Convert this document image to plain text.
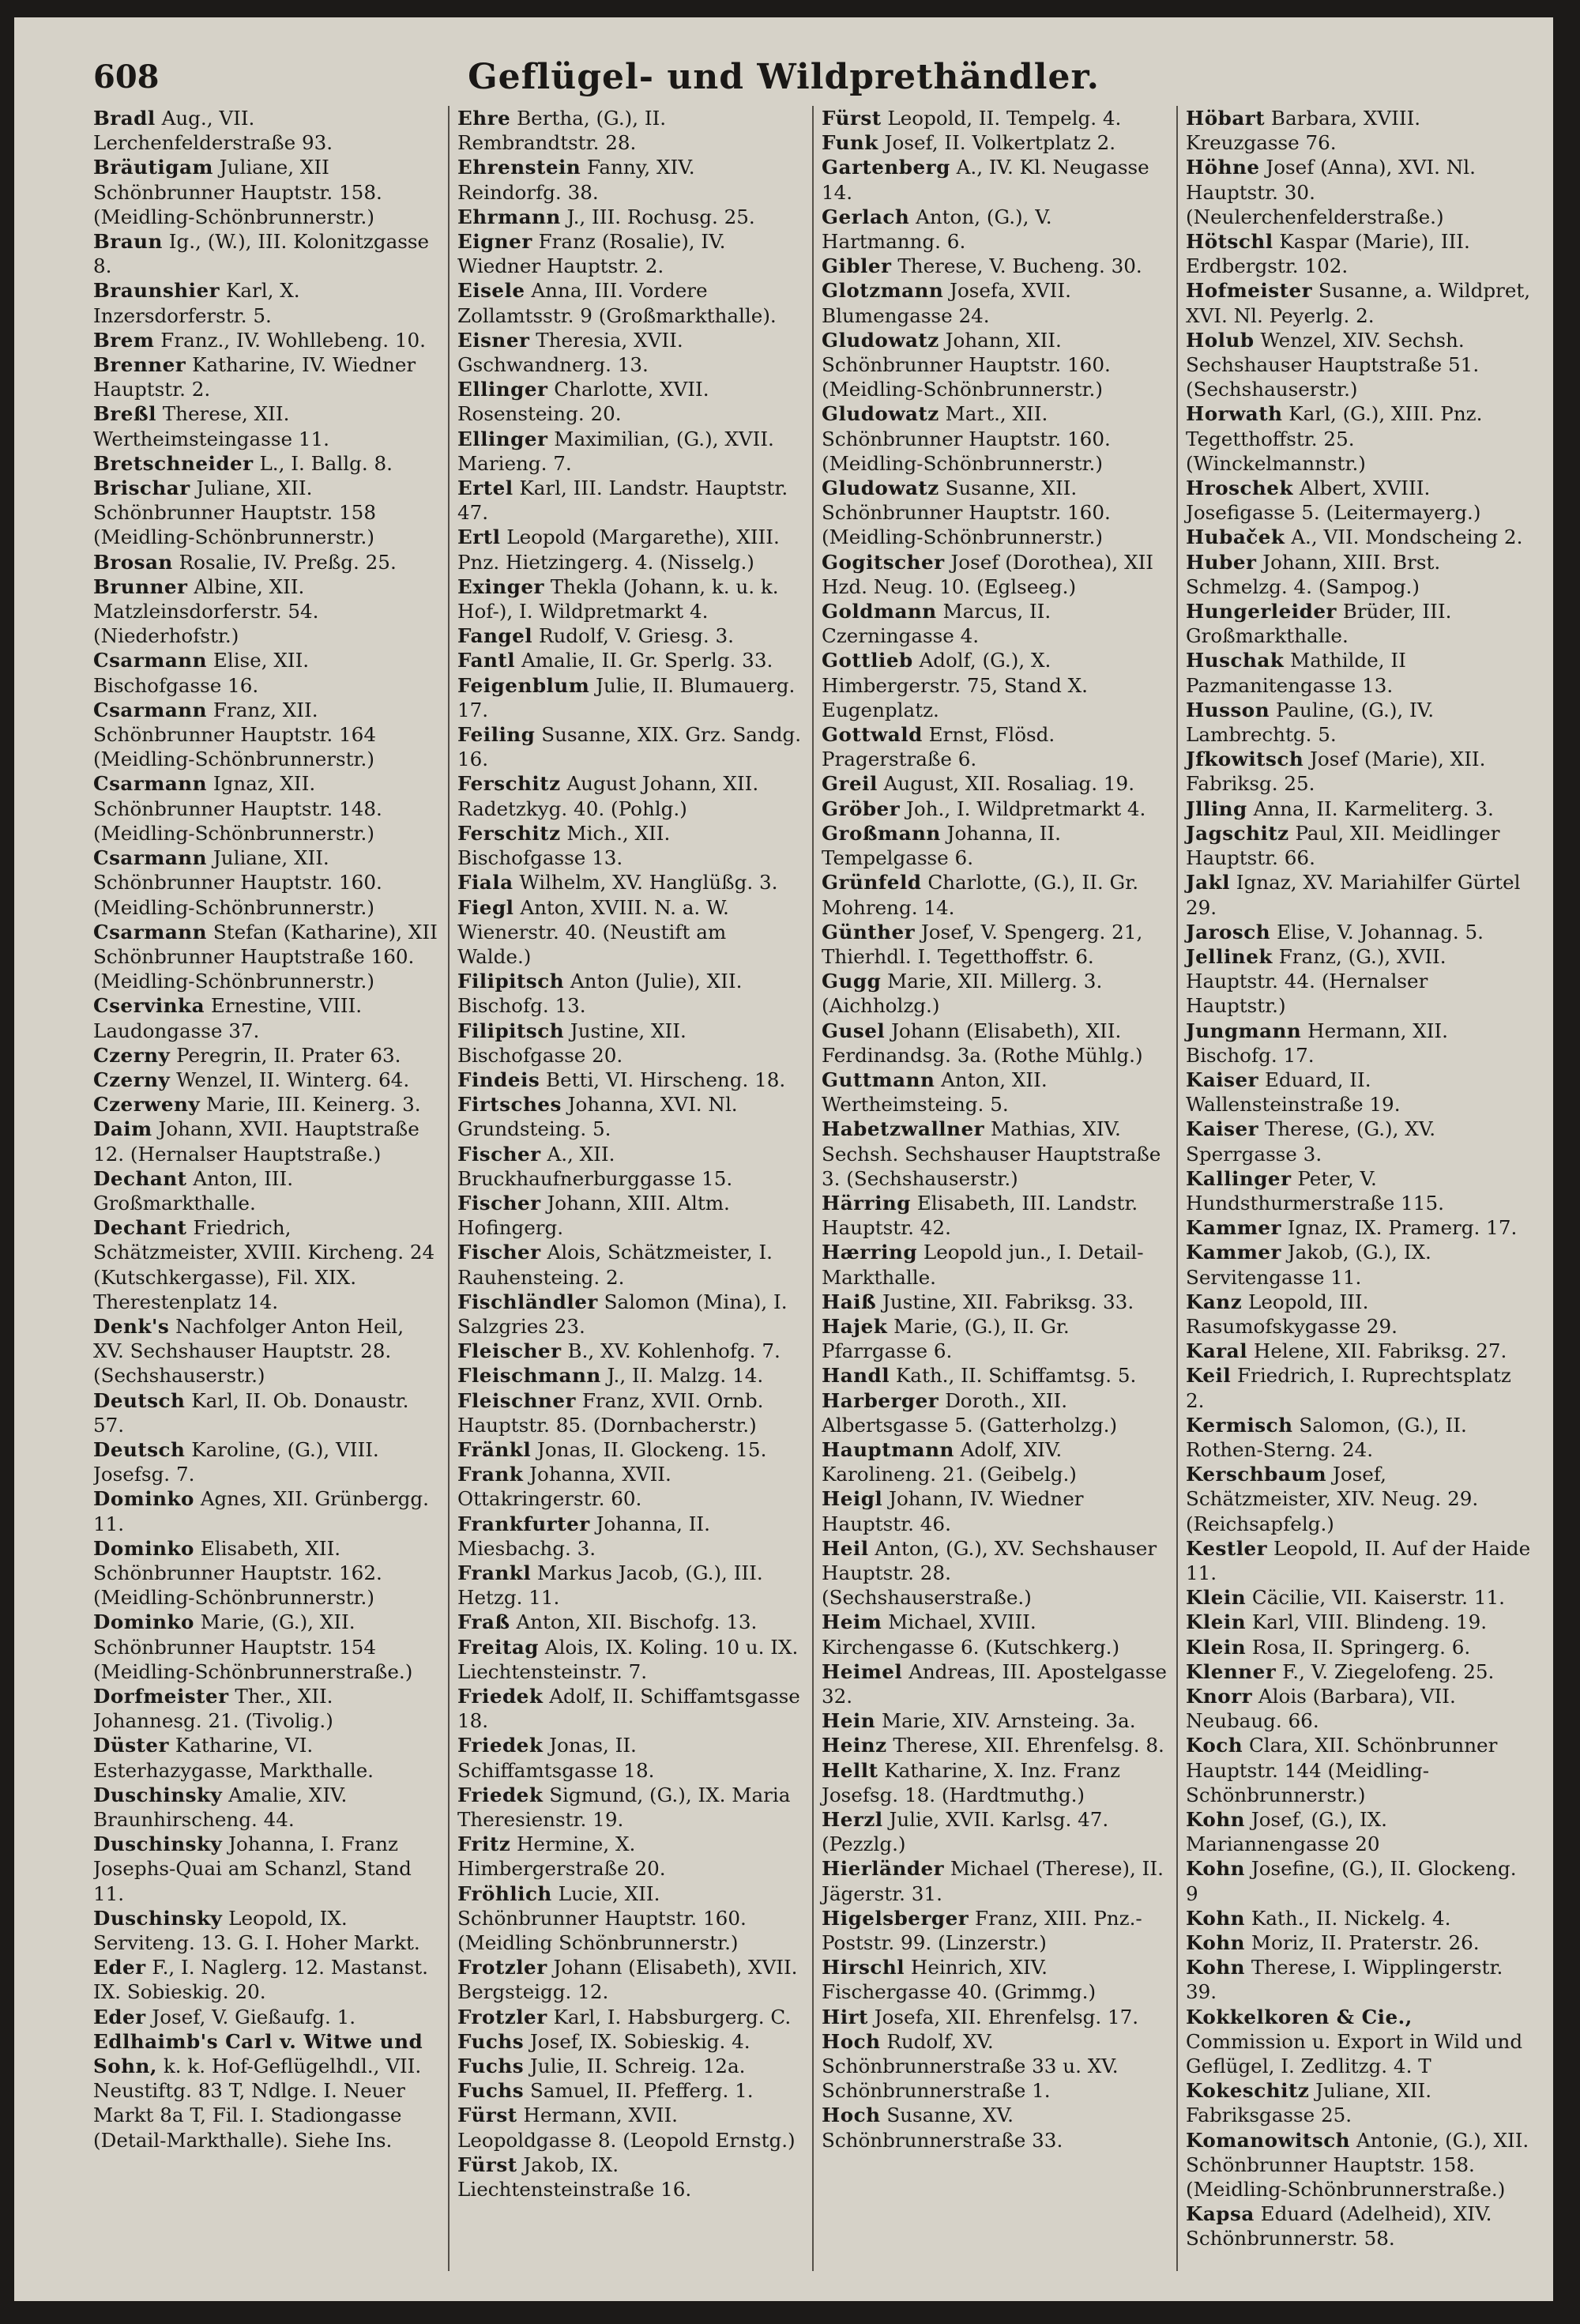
608	Geflügel- und Wildprethändler.

Bradl Aug., VII. Lerchenfelderstraße 93.

Bräutigam Juliane, XII Schönbrunner Hauptstr. 158. (Meidling-Schönbrunnerstr.)

Braun Ig., (W.), III. Kolonitzgasse 8.

Braunshier Karl, X. Inzersdorferstr. 5.

Brem Franz., IV. Wohllebeng. 10.

Brenner Katharine, IV. Wiedner Hauptstr. 2.

Breßl Therese, XII. Wertheimsteingasse 11.

Bretschneider L., I. Ballg. 8.

Brischar Juliane, XII. Schönbrunner Hauptstr. 158 (Meidling-Schönbrunnerstr.)

Brosan Rosalie, IV. Preßg. 25.

Brunner Albine, XII. Matzleinsdorferstr. 54. (Niederhofstr.)

Csarmann Elise, XII. Bischofgasse 16.

Csarmann Franz, XII. Schönbrunner Hauptstr. 164 (Meidling-Schönbrunnerstr.)

Csarmann Ignaz, XII. Schönbrunner Hauptstr. 148. (Meidling-Schönbrunnerstr.)

Csarmann Juliane, XII. Schönbrunner Hauptstr. 160. (Meidling-Schönbrunnerstr.)

Csarmann Stefan (Katharine), XII Schönbrunner Hauptstraße 160. (Meidling-Schönbrunnerstr.)

Cservinka Ernestine, VIII. Laudongasse 37.

Czerny Peregrin, II. Prater 63.

Czerny Wenzel, II. Winterg. 64.

Czerweny Marie, III. Keinerg. 3.

Daim Johann, XVII. Hauptstraße 12. (Hernalser Hauptstraße.)

Dechant Anton, III. Großmarkthalle.

Dechant Friedrich, Schätzmeister, XVIII. Kircheng. 24 (Kutschkergasse), Fil. XIX. Therestenplatz 14.

Denk's Nachfolger Anton Heil, XV. Sechshauser Hauptstr. 28. (Sechshauserstr.)

Deutsch Karl, II. Ob. Donaustr. 57.

Deutsch Karoline, (G.), VIII. Josefsg. 7.

Dominko Agnes, XII. Grünbergg. 11.

Dominko Elisabeth, XII. Schönbrunner Hauptstr. 162. (Meidling-Schönbrunnerstr.)

Dominko Marie, (G.), XII. Schönbrunner Hauptstr. 154 (Meidling-Schönbrunnerstraße.)

Dorfmeister Ther., XII. Johannesg. 21. (Tivolig.)

Düster Katharine, VI. Esterhazygasse, Markthalle.

Duschinsky Amalie, XIV. Braunhirscheng. 44.

Duschinsky Johanna, I. Franz Josephs-Quai am Schanzl, Stand 11.

Duschinsky Leopold, IX. Serviteng. 13. G. I. Hoher Markt.

Eder F., I. Naglerg. 12. Mastanst. IX. Sobieskig. 20.

Eder Josef, V. Gießaufg. 1.

Edlhaimb's Carl v. Witwe und Sohn, k. k. Hof-Geflügelhdl., VII. Neustiftg. 83 T, Ndlge. I. Neuer Markt 8a T, Fil. I. Stadiongasse (Detail-Markthalle). Siehe Ins.

Ehre Bertha, (G.), II. Rembrandtstr. 28.

Ehrenstein Fanny, XIV. Reindorfg. 38.

Ehrmann J., III. Rochusg. 25.

Eigner Franz (Rosalie), IV. Wiedner Hauptstr. 2.

Eisele Anna, III. Vordere Zollamtsstr. 9 (Großmarkthalle).

Eisner Theresia, XVII. Gschwandnerg. 13.

Ellinger Charlotte, XVII. Rosensteing. 20.

Ellinger Maximilian, (G.), XVII. Marieng. 7.

Ertel Karl, III. Landstr. Hauptstr. 47.

Ertl Leopold (Margarethe), XIII. Pnz. Hietzingerg. 4. (Nisselg.)

Exinger Thekla (Johann, k. u. k. Hof-), I. Wildpretmarkt 4.

Fangel Rudolf, V. Griesg. 3.

Fantl Amalie, II. Gr. Sperlg. 33.

Feigenblum Julie, II. Blumauerg. 17.

Feiling Susanne, XIX. Grz. Sandg. 16.

Ferschitz August Johann, XII. Radetzkyg. 40. (Pohlg.)

Ferschitz Mich., XII. Bischofgasse 13.

Fiala Wilhelm, XV. Hanglüßg. 3.

Fiegl Anton, XVIII. N. a. W. Wienerstr. 40. (Neustift am Walde.)

Filipitsch Anton (Julie), XII. Bischofg. 13.

Filipitsch Justine, XII. Bischofgasse 20.

Findeis Betti, VI. Hirscheng. 18.

Firtsches Johanna, XVI. Nl. Grundsteing. 5.

Fischer A., XII. Bruckhaufnerburggasse 15.

Fischer Johann, XIII. Altm. Hofingerg.

Fischer Alois, Schätzmeister, I. Rauhensteing. 2.

Fischländler Salomon (Mina), I. Salzgries 23.

Fleischer B., XV. Kohlenhofg. 7.

Fleischmann J., II. Malzg. 14.

Fleischner Franz, XVII. Ornb. Hauptstr. 85. (Dornbacherstr.)

Fränkl Jonas, II. Glockeng. 15.

Frank Johanna, XVII. Ottakringerstr. 60.

Frankfurter Johanna, II. Miesbachg. 3.

Frankl Markus Jacob, (G.), III. Hetzg. 11.

Fraß Anton, XII. Bischofg. 13.

Freitag Alois, IX. Koling. 10 u. IX. Liechtensteinstr. 7.

Friedek Adolf, II. Schiffamtsgasse 18.

Friedek Jonas, II. Schiffamtsgasse 18.

Friedek Sigmund, (G.), IX. Maria Theresienstr. 19.

Fritz Hermine, X. Himbergerstraße 20.

Fröhlich Lucie, XII. Schönbrunner Hauptstr. 160. (Meidling Schönbrunnerstr.)

Frotzler Johann (Elisabeth), XVII. Bergsteigg. 12.

Frotzler Karl, I. Habsburgerg. C.

Fuchs Josef, IX. Sobieskig. 4.

Fuchs Julie, II. Schreig. 12a.

Fuchs Samuel, II. Pfefferg. 1.

Fürst Hermann, XVII. Leopoldgasse 8. (Leopold Ernstg.)

Fürst Jakob, IX. Liechtensteinstraße 16.

Fürst Leopold, II. Tempelg. 4.

Funk Josef, II. Volkertplatz 2.

Gartenberg A., IV. Kl. Neugasse 14.

Gerlach Anton, (G.), V. Hartmanng. 6.

Gibler Therese, V. Bucheng. 30.

Glotzmann Josefa, XVII. Blumengasse 24.

Gludowatz Johann, XII. Schönbrunner Hauptstr. 160. (Meidling-Schönbrunnerstr.)

Gludowatz Mart., XII. Schönbrunner Hauptstr. 160. (Meidling-Schönbrunnerstr.)

Gludowatz Susanne, XII. Schönbrunner Hauptstr. 160. (Meidling-Schönbrunnerstr.)

Gogitscher Josef (Dorothea), XII Hzd. Neug. 10. (Eglseeg.)

Goldmann Marcus, II. Czerningasse 4.

Gottlieb Adolf, (G.), X. Himbergerstr. 75, Stand X. Eugenplatz.

Gottwald Ernst, Flösd. Pragerstraße 6.

Greil August, XII. Rosaliag. 19.

Gröber Joh., I. Wildpretmarkt 4.

Großmann Johanna, II. Tempelgasse 6.

Grünfeld Charlotte, (G.), II. Gr. Mohreng. 14.

Günther Josef, V. Spengerg. 21, Thierhdl. I. Tegetthoffstr. 6.

Gugg Marie, XII. Millerg. 3. (Aichholzg.)

Gusel Johann (Elisabeth), XII. Ferdinandsg. 3a. (Rothe Mühlg.)

Guttmann Anton, XII. Wertheimsteing. 5.

Habetzwallner Mathias, XIV. Sechsh. Sechshauser Hauptstraße 3. (Sechshauserstr.)

Härring Elisabeth, III. Landstr. Hauptstr. 42.

Hærring Leopold jun., I. Detail-Markthalle.

Haiß Justine, XII. Fabriksg. 33.

Hajek Marie, (G.), II. Gr. Pfarrgasse 6.

Handl Kath., II. Schiffamtsg. 5.

Harberger Doroth., XII. Albertsgasse 5. (Gatterholzg.)

Hauptmann Adolf, XIV. Karolineng. 21. (Geibelg.)

Heigl Johann, IV. Wiedner Hauptstr. 46.

Heil Anton, (G.), XV. Sechshauser Hauptstr. 28. (Sechshauserstraße.)

Heim Michael, XVIII. Kirchengasse 6. (Kutschkerg.)

Heimel Andreas, III. Apostelgasse 32.

Hein Marie, XIV. Arnsteing. 3a.

Heinz Therese, XII. Ehrenfelsg. 8.

Hellt Katharine, X. Inz. Franz Josefsg. 18. (Hardtmuthg.)

Herzl Julie, XVII. Karlsg. 47. (Pezzlg.)

Hierländer Michael (Therese), II. Jägerstr. 31.

Higelsberger Franz, XIII. Pnz.-Poststr. 99. (Linzerstr.)

Hirschl Heinrich, XIV. Fischergasse 40. (Grimmg.)

Hirt Josefa, XII. Ehrenfelsg. 17.

Hoch Rudolf, XV. Schönbrunnerstraße 33 u. XV. Schönbrunnerstraße 1.

Hoch Susanne, XV. Schönbrunnerstraße 33.

Höbart Barbara, XVIII. Kreuzgasse 76.

Höhne Josef (Anna), XVI. Nl. Hauptstr. 30. (Neulerchenfelderstraße.)

Hötschl Kaspar (Marie), III. Erdbergstr. 102.

Hofmeister Susanne, a. Wildpret, XVI. Nl. Peyerlg. 2.

Holub Wenzel, XIV. Sechsh. Sechshauser Hauptstraße 51. (Sechshauserstr.)

Horwath Karl, (G.), XIII. Pnz. Tegetthoffstr. 25. (Winckelmannstr.)

Hroschek Albert, XVIII. Josefigasse 5. (Leitermayerg.)

Hubaček A., VII. Mondscheing 2.

Huber Johann, XIII. Brst. Schmelzg. 4. (Sampog.)

Hungerleider Brüder, III. Großmarkthalle.

Huschak Mathilde, II Pazmanitengasse 13.

Husson Pauline, (G.), IV. Lambrechtg. 5.

Jfkowitsch Josef (Marie), XII. Fabriksg. 25.

Jlling Anna, II. Karmeliterg. 3.

Jagschitz Paul, XII. Meidlinger Hauptstr. 66.

Jakl Ignaz, XV. Mariahilfer Gürtel 29.

Jarosch Elise, V. Johannag. 5.

Jellinek Franz, (G.), XVII. Hauptstr. 44. (Hernalser Hauptstr.)

Jungmann Hermann, XII. Bischofg. 17.

Kaiser Eduard, II. Wallensteinstraße 19.

Kaiser Therese, (G.), XV. Sperrgasse 3.

Kallinger Peter, V. Hundsthurmerstraße 115.

Kammer Ignaz, IX. Pramerg. 17.

Kammer Jakob, (G.), IX. Servitengasse 11.

Kanz Leopold, III. Rasumofskygasse 29.

Karal Helene, XII. Fabriksg. 27.

Keil Friedrich, I. Ruprechtsplatz 2.

Kermisch Salomon, (G.), II. Rothen-Sterng. 24.

Kerschbaum Josef, Schätzmeister, XIV. Neug. 29. (Reichsapfelg.)

Kestler Leopold, II. Auf der Haide 11.

Klein Cäcilie, VII. Kaiserstr. 11.

Klein Karl, VIII. Blindeng. 19.

Klein Rosa, II. Springerg. 6.

Klenner F., V. Ziegelofeng. 25.

Knorr Alois (Barbara), VII. Neubaug. 66.

Koch Clara, XII. Schönbrunner Hauptstr. 144 (Meidling-Schönbrunnerstr.)

Kohn Josef, (G.), IX. Mariannengasse 20

Kohn Josefine, (G.), II. Glockeng. 9

Kohn Kath., II. Nickelg. 4.

Kohn Moriz, II. Praterstr. 26.

Kohn Therese, I. Wipplingerstr. 39.

Kokkelkoren & Cie., Commission u. Export in Wild und Geflügel, I. Zedlitzg. 4. T

Kokeschitz Juliane, XII. Fabriksgasse 25.

Komanowitsch Antonie, (G.), XII. Schönbrunner Hauptstr. 158. (Meidling-Schönbrunnerstraße.)

Kapsa Eduard (Adelheid), XIV. Schönbrunnerstr. 58.
